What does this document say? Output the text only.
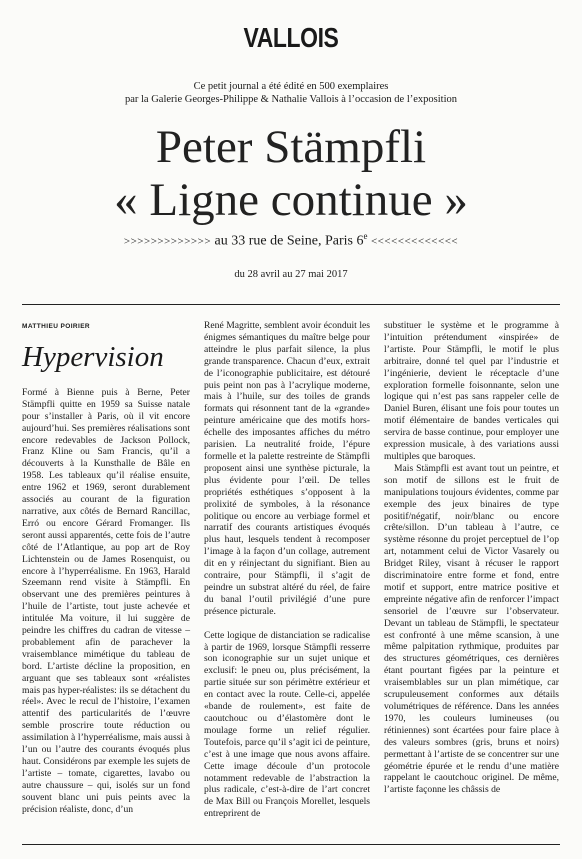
VALLOIS
Ce petit journal a été édité en 500 exemplaires
par la Galerie Georges-Philippe & Nathalie Vallois à l’occasion de l’exposition
Peter Stämpfli
« Ligne continue »
>>>>>>>>>>>>> au 33 rue de Seine, Paris $6^e$ <<<<<<<<<<<<<
du 28 avril au 27 mai 2017
MATTHIEU POIRIER
Hypervision

Formé à Bienne puis à Berne, Peter Stämpfli quitte en 1959 sa Suisse natale pour s’installer à Paris, où il vit encore aujourd’hui. Ses premières réalisations sont encore redevables de Jackson Pollock, Franz Kline ou Sam Francis, qu’il a découverts à la Kunsthalle de Bâle en 1958. Les tableaux qu’il réalise ensuite, entre 1962 et 1969, seront durablement associés au courant de la figuration narrative, aux côtés de Bernard Rancillac, Erró ou encore Gérard Fromanger. Ils seront aussi apparentés, cette fois de l’autre côté de l’Atlantique, au pop art de Roy Lichtenstein ou de James Rosenquist, ou encore à l’hyperréalisme. En 1963, Harald Szeemann rend visite à Stämpfli. En observant une des premières peintures à l’huile de l’artiste, tout juste achevée et intitulée Ma voiture, il lui suggère de peindre les chiffres du cadran de vitesse – probablement afin de parachever la vraisemblance mimétique du tableau de bord. L’artiste décline la proposition, en arguant que ses tableaux sont «réalistes mais pas hyper-réalistes: ils se détachent du réel». Avec le recul de l’histoire, l’examen attentif des particularités de l’œuvre semble proscrire toute réduction ou assimilation à l’hyperréalisme, mais aussi à l’un ou l’autre des courants évoqués plus haut. Considérons par exemple les sujets de l’artiste – tomate, cigarettes, lavabo ou autre chaussure – qui, isolés sur un fond souvent blanc uni puis peints avec la précision réaliste, donc, d’un

René Magritte, semblent avoir éconduit les énigmes sémantiques du maître belge pour atteindre le plus parfait silence, la plus grande transparence. Chacun d’eux, extrait de l’iconographie publicitaire, est détouré puis peint non pas à l’acrylique moderne, mais à l’huile, sur des toiles de grands formats qui résonnent tant de la «grande» peinture américaine que des motifs hors-échelle des imposantes affiches du métro parisien. La neutralité froide, l’épure formelle et la palette restreinte de Stämpfli proposent ainsi une synthèse picturale, la plus évidente pour l’œil. De telles propriétés esthétiques s’opposent à la prolixité de symboles, à la résonance politique ou encore au verbiage formel et narratif des courants artistiques évoqués plus haut, lesquels tendent à recomposer l’image à la façon d’un collage, autrement dit en y réinjectant du signifiant. Bien au contraire, pour Stämpfli, il s’agit de peindre un substrat altéré du réel, de faire du banal l’outil privilégié d’une pure présence picturale.

Cette logique de distanciation se radicalise à partir de 1969, lorsque Stämpfli resserre son iconographie sur un sujet unique et exclusif: le pneu ou, plus précisément, la partie située sur son périmètre extérieur et en contact avec la route. Celle-ci, appelée «bande de roulement», est faite de caoutchouc ou d’élastomère dont le moulage forme un relief régulier. Toutefois, parce qu’il s’agit ici de peinture, c’est à une image que nous avons affaire. Cette image découle d’un protocole notamment redevable de l’abstraction la plus radicale, c’est-à-dire de l’art concret de Max Bill ou François Morellet, lesquels entreprirent de

substituer le système et le programme à l’intuition prétendument «inspirée» de l’artiste. Pour Stämpfli, le motif le plus arbitraire, donné tel quel par l’industrie et l’ingénierie, devient le réceptacle d’une exploration formelle foisonnante, selon une logique qui n’est pas sans rappeler celle de Daniel Buren, élisant une fois pour toutes un motif élémentaire de bandes verticales qui servira de basse continue, pour employer une expression musicale, à des variations aussi multiples que baroques.

Mais Stämpfli est avant tout un peintre, et son motif de sillons est le fruit de manipulations toujours évidentes, comme par exemple des jeux binaires de type positif/négatif, noir/blanc ou encore crête/sillon. D’un tableau à l’autre, ce système résonne du projet perceptuel de l’op art, notamment celui de Victor Vasarely ou Bridget Riley, visant à récuser le rapport discriminatoire entre forme et fond, entre motif et support, entre matrice positive et empreinte négative afin de renforcer l’impact sensoriel de l’œuvre sur l’observateur. Devant un tableau de Stämpfli, le spectateur est confronté à une même scansion, à une même palpitation rythmique, produites par des structures géométriques, ces dernières étant pourtant figées par la peinture et vraisemblables sur un plan mimétique, car scrupuleusement conformes aux détails volumétriques de référence. Dans les années 1970, les couleurs lumineuses (ou rétiniennes) sont écartées pour faire place à des valeurs sombres (gris, bruns et noirs) permettant à l’artiste de se concentrer sur une géométrie épurée et le rendu d’une matière rappelant le caoutchouc originel. De même, l’artiste façonne les châssis de
